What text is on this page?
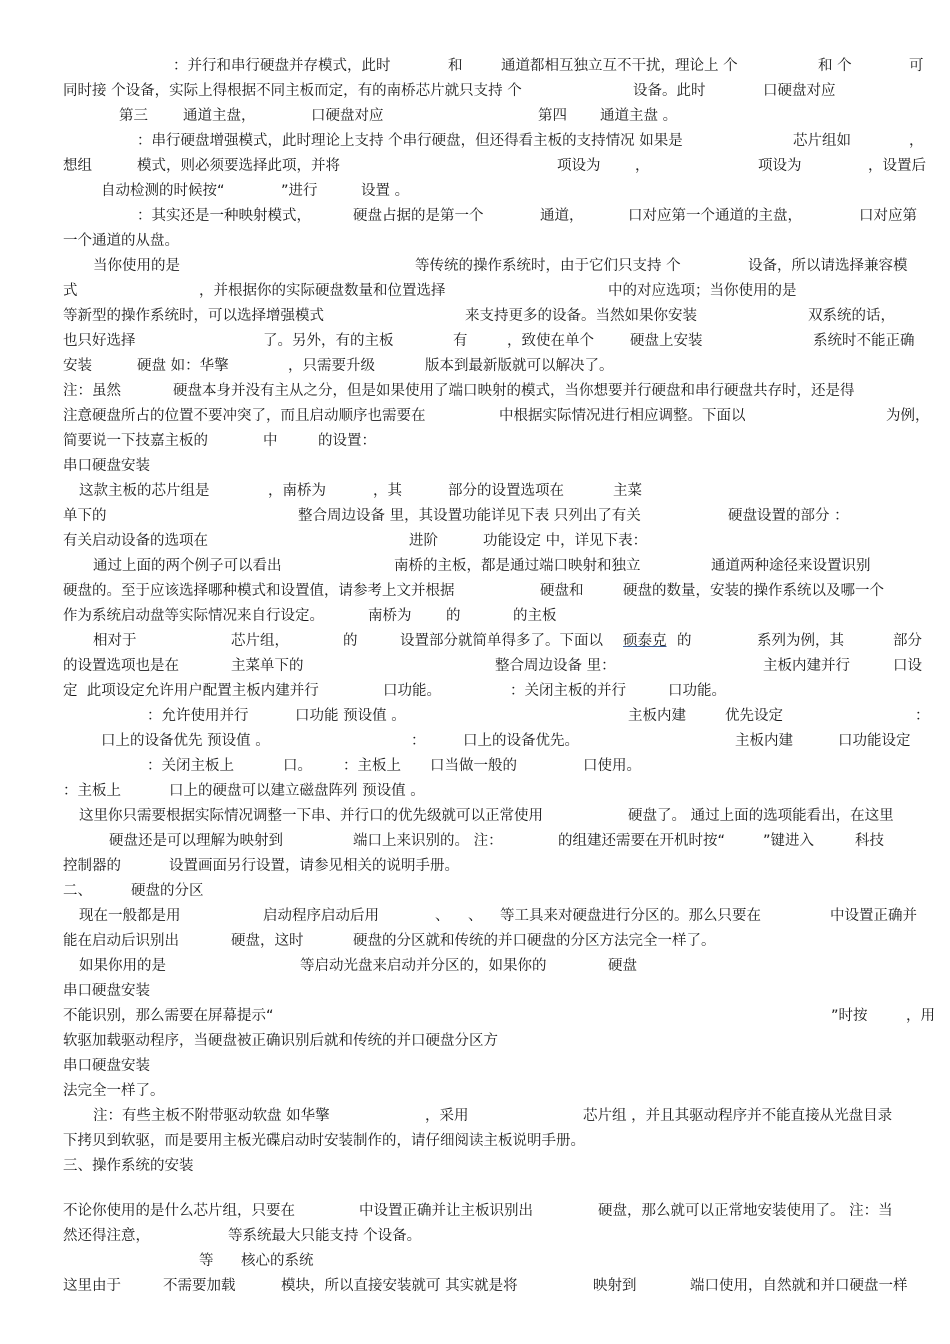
：并行和串行硬盘并存模式，此时	和	通道都相互独立互不干扰，理论上 个	和 个	可
同时接 个设备，实际上得根据不同主板而定，有的南桥芯片就只支持 个	设备。此时	口硬盘对应
第三 通道主盘，	口硬盘对应	第四 通道主盘 。
：串行硬盘增强模式，此时理论上支持 个串行硬盘，但还得看主板的支持情况 如果是	芯片组如	，
想组	模式，则必须要选择此项，并将	项设为 ，	项设为	，设置后
自动检测的时候按“	”进行	设置 。
：其实还是一种映射模式，	硬盘占据的是第一个	通道，	口对应第一个通道的主盘，	口对应第
一个通道的从盘。
当你使用的是	等传统的操作系统时，由于它们只支持 个	设备，所以请选择兼容模
式	，并根据你的实际硬盘数量和位置选择	中的对应选项；当你使用的是
等新型的操作系统时，可以选择增强模式	来支持更多的设备。当然如果你安装	双系统的话，
也只好选择	了。另外，有的主板	有	，致使在单个 硬盘上安装	系统时不能正确
安装	硬盘 如：华擎	，只需要升级	版本到最新版就可以解决了。
注：虽然	硬盘本身并没有主从之分，但是如果使用了端口映射的模式，当你想要并行硬盘和串行硬盘共存时，还是得
注意硬盘所占的位置不要冲突了，而且启动顺序也需要在	中根据实际情况进行相应调整。下面以	为例，
简要说一下技嘉主板的	中	的设置：
串口硬盘安装
这款主板的芯片组是	，南桥为	，其	部分的设置选项在	主菜
单下的	整合周边设备 里，其设置功能详见下表 只列出了有关	硬盘设置的部分 ：
有关启动设备的选项在	进阶	功能设定 中，详见下表：
通过上面的两个例子可以看出	南桥的主板，都是通过端口映射和独立	通道两种途径来设置识别
硬盘的。至于应该选择哪种模式和设置值，请参考上文并根据	硬盘和	硬盘的数量，安装的操作系统以及哪一个
作为系统启动盘等实际情况来自行设定。	南桥为 的	的主板
相对于	芯片组，	的	设置部分就简单得多了。下面以 硕泰克 的	系列为例，其	部分
的设置选项也是在	主菜单下的	整合周边设备 里：	主板内建并行	口设
定  此项设定允许用户配置主板内建并行	口功能。	：关闭主板的并行	口功能。
：允许使用并行	口功能 预设值 。	主板内建	优先设定	：
口上的设备优先 预设值 。	：	口上的设备优先。	主板内建	口功能设定
：关闭主板上	口。 ：主板上 口当做一般的	口使用。
：主板上	口上的硬盘可以建立磁盘阵列 预设值 。
这里你只需要根据实际情况调整一下串、并行口的优先级就可以正常使用	硬盘了。 通过上面的选项能看出，在这里
硬盘还是可以理解为映射到	端口上来识别的。 注：	的组建还需要在开机时按“	”键进入	科技
控制器的	设置画面另行设置，请参见相关的说明手册。
二、	硬盘的分区
现在一般都是用	启动程序启动后用	、 、 等工具来对硬盘进行分区的。那么只要在	中设置正确并
能在启动后识别出	硬盘，这时	硬盘的分区就和传统的并口硬盘的分区方法完全一样了。
如果你用的是	等启动光盘来启动并分区的，如果你的	硬盘
串口硬盘安装
不能识别，那么需要在屏幕提示“	”时按	，用
软驱加载驱动程序，当硬盘被正确识别后就和传统的并口硬盘分区方
串口硬盘安装
法完全一样了。
注：有些主板不附带驱动软盘 如华擎	，采用	芯片组 ，并且其驱动程序并不能直接从光盘目录
下拷贝到软驱，而是要用主板光碟启动时安装制作的，请仔细阅读主板说明手册。
三、操作系统的安装
不论你使用的是什么芯片组，只要在	中设置正确并让主板识别出	硬盘，那么就可以正常地安装使用了。 注：当
然还得注意，	等系统最大只能支持 个设备。
等 核心的系统
这里由于	不需要加载	模块，所以直接安装就可 其实就是将	映射到	端口使用，自然就和并口硬盘一样
